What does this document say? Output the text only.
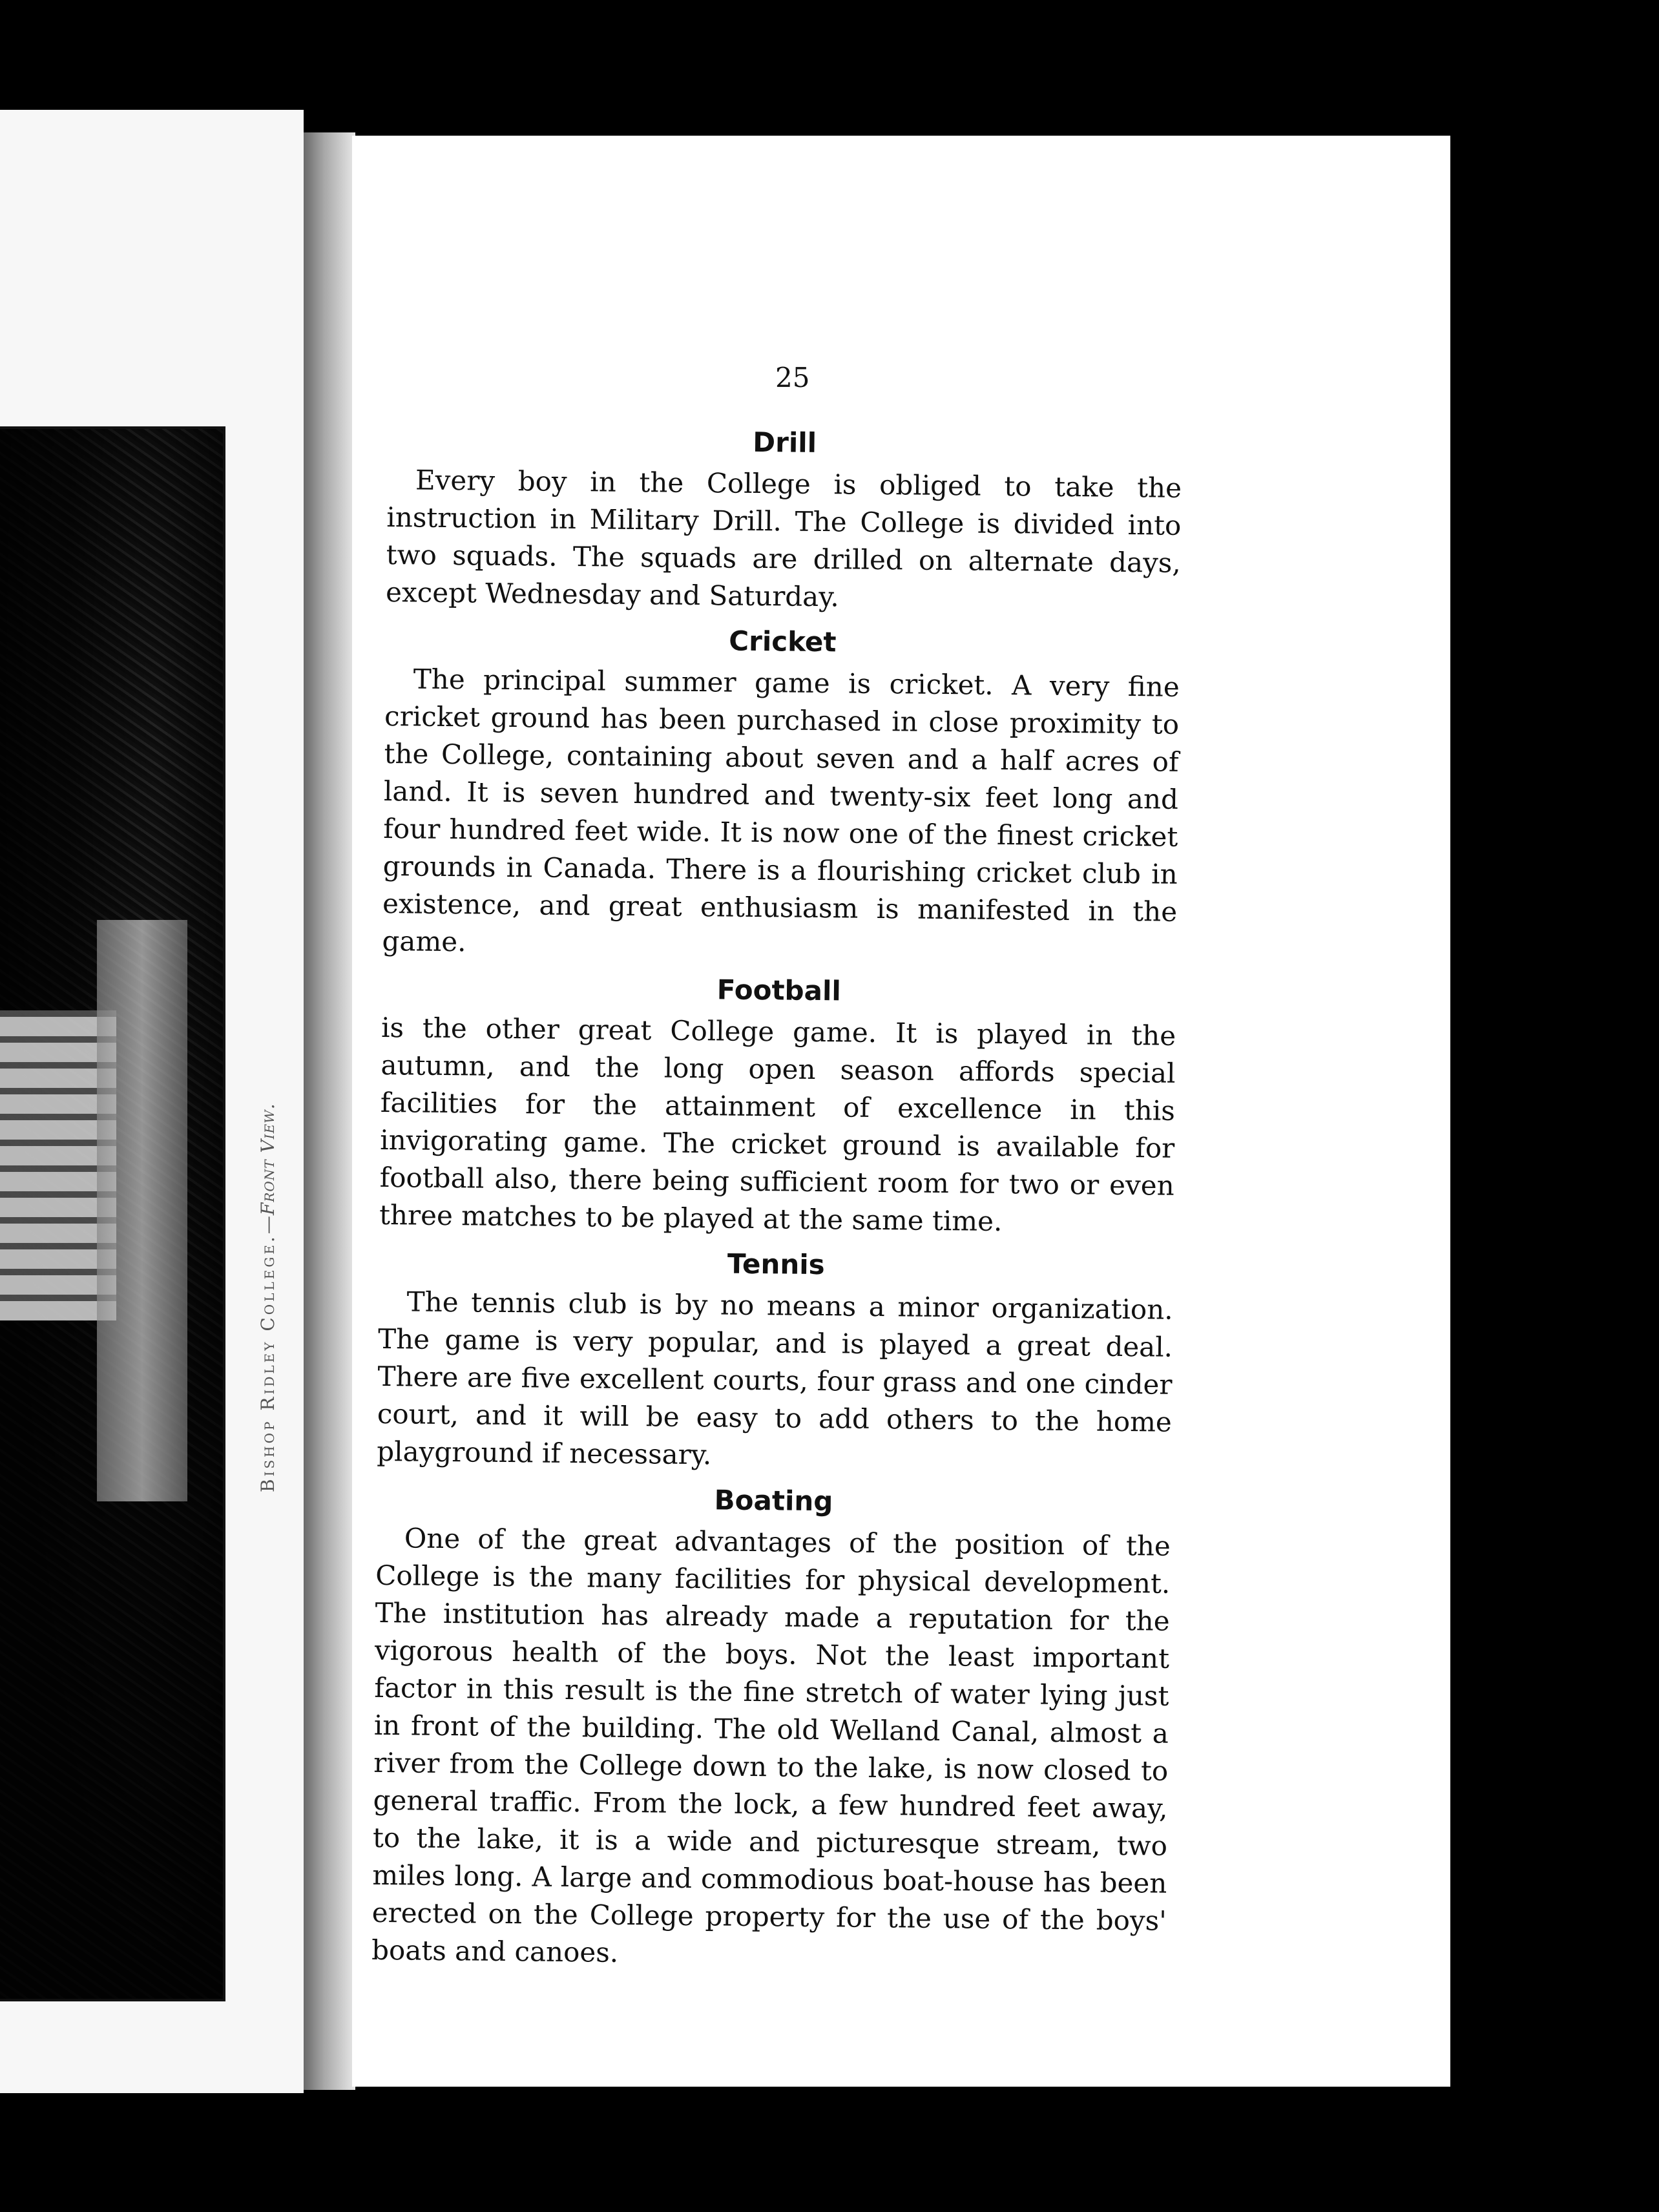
Bishop Ridley College.—Front View.
25
Drill

Every boy in the College is obliged to take the instruction in Military Drill. The College is divided into two squads. The squads are drilled on alternate days, except Wednesday and Saturday.

Cricket

The principal summer game is cricket. A very fine cricket ground has been purchased in close proximity to the College, containing about seven and a half acres of land. It is seven hundred and twenty-six feet long and four hundred feet wide. It is now one of the finest cricket grounds in Canada. There is a flourishing cricket club in existence, and great enthusiasm is manifested in the game.

Football

is the other great College game. It is played in the autumn, and the long open season affords special facilities for the attainment of excellence in this invigorating game. The cricket ground is available for football also, there being sufficient room for two or even three matches to be played at the same time.

Tennis

The tennis club is by no means a minor organization. The game is very popular, and is played a great deal. There are five excellent courts, four grass and one cinder court, and it will be easy to add others to the home playground if necessary.

Boating

One of the great advantages of the position of the College is the many facilities for physical development. The institution has already made a reputation for the vigorous health of the boys. Not the least important factor in this result is the fine stretch of water lying just in front of the building. The old Welland Canal, almost a river from the College down to the lake, is now closed to general traffic. From the lock, a few hundred feet away, to the lake, it is a wide and picturesque stream, two miles long. A large and commodious boat-house has been erected on the College property for the use of the boys' boats and canoes.
